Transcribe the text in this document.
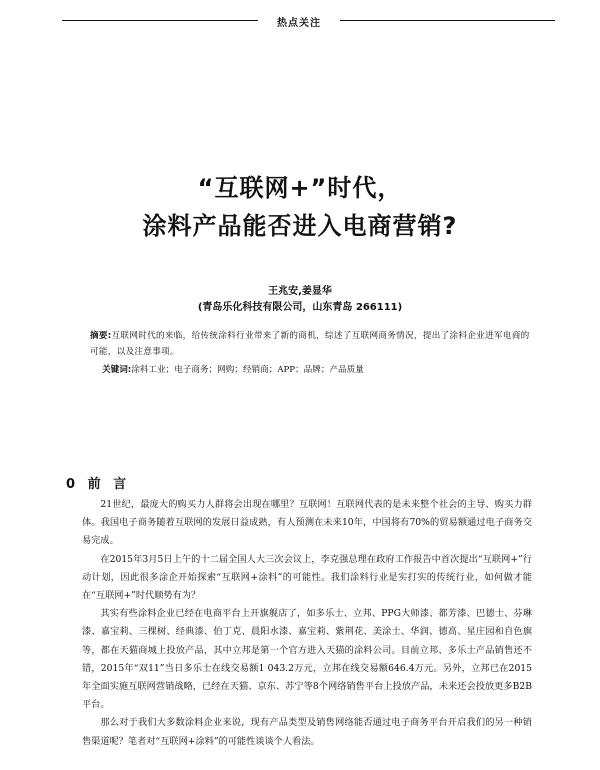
热点关注
“互联网+”时代，
涂料产品能否进入电商营销?
王兆安,姜显华
(青岛乐化科技有限公司，山东青岛 266111)
摘要:互联网时代的来临，给传统涂料行业带来了新的商机，综述了互联网商务情况，提出了涂料企业进军电商的可能，以及注意事项。
关键词:涂料工业；电子商务；网购；经销商；APP；品牌；产品质量
0 前 言

21世纪，最庞大的购买力人群将会出现在哪里？互联网！互联网代表的是未来整个社会的主导、购买力群体。我国电子商务随着互联网的发展日益成熟，有人预测在未来10年，中国将有70%的贸易额通过电子商务交易完成。

在2015年3月5日上午的十二届全国人大三次会议上，李克强总理在政府工作报告中首次提出“互联网+”行动计划，因此很多涂企开始探索“互联网+涂料”的可能性。我们涂料行业是实打实的传统行业，如何做才能在“互联网+”时代顺势有为？

其实有些涂料企业已经在电商平台上开旗舰店了，如多乐士、立邦、PPG大师漆、都芳漆、巴德士、芬琳漆、嘉宝莉、三棵树、经典漆、伯丁克、晨阳水漆、嘉宝莉、紫荆花、美涂士、华润、德高、星庄园和自色旗等，都在天猫商城上投放产品，其中立邦是第一个官方进入天猫的涂料公司。目前立邦、多乐士产品销售还不错，2015年“双11”当日多乐士在线交易额1 043.2万元，立邦在线交易额646.4万元。另外，立邦已在2015年全面实施互联网营销战略，已经在天猫、京东、苏宁等8个网络销售平台上投放产品，未来还会投放更多B2B平台。

那么对于我们大多数涂料企业来说，现有产品类型及销售网络能否通过电子商务平台开启我们的另一种销售渠道呢？笔者对“互联网+涂料”的可能性谈谈个人看法。
